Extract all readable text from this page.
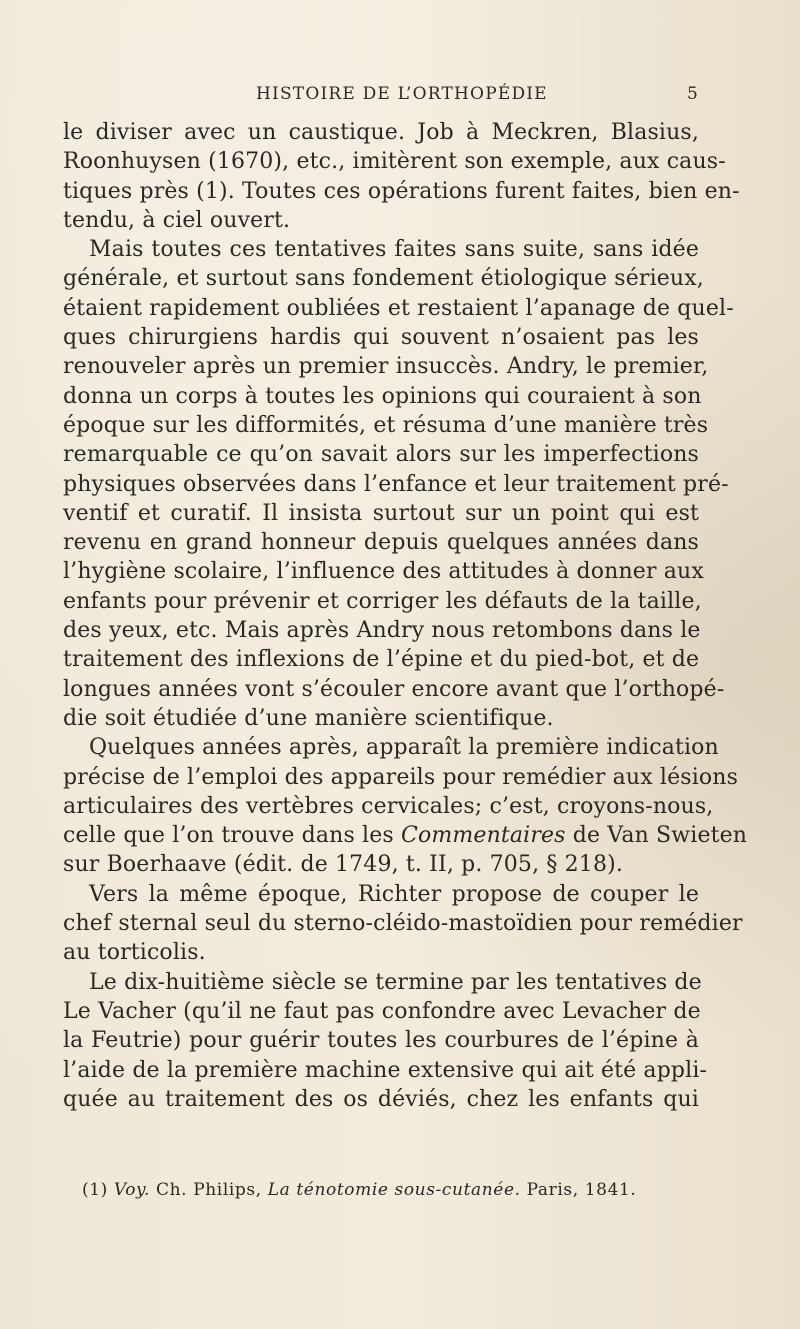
HISTOIRE DE L’ORTHOPÉDIE	5
le diviser avec un caustique. Job à Meckren, Blasius,
Roonhuysen (1670), etc., imitèrent son exemple, aux caus-
tiques près (1). Toutes ces opérations furent faites, bien en-
tendu, à ciel ouvert.
Mais toutes ces tentatives faites sans suite, sans idée
générale, et surtout sans fondement étiologique sérieux,
étaient rapidement oubliées et restaient l’apanage de quel-
ques chirurgiens hardis qui souvent n’osaient pas les
renouveler après un premier insuccès. Andry, le premier,
donna un corps à toutes les opinions qui couraient à son
époque sur les difformités, et résuma d’une manière très
remarquable ce qu’on savait alors sur les imperfections
physiques observées dans l’enfance et leur traitement pré-
ventif et curatif. Il insista surtout sur un point qui est
revenu en grand honneur depuis quelques années dans
l’hygiène scolaire, l’influence des attitudes à donner aux
enfants pour prévenir et corriger les défauts de la taille,
des yeux, etc. Mais après Andry nous retombons dans le
traitement des inflexions de l’épine et du pied-bot, et de
longues années vont s’écouler encore avant que l’orthopé-
die soit étudiée d’une manière scientifique.
Quelques années après, apparaît la première indication
précise de l’emploi des appareils pour remédier aux lésions
articulaires des vertèbres cervicales; c’est, croyons-nous,
celle que l’on trouve dans les Commentaires de Van Swieten
sur Boerhaave (édit. de 1749, t. II, p. 705, § 218).
Vers la même époque, Richter propose de couper le
chef sternal seul du sterno-cléido-mastoïdien pour remédier
au torticolis.
Le dix-huitième siècle se termine par les tentatives de
Le Vacher (qu’il ne faut pas confondre avec Levacher de
la Feutrie) pour guérir toutes les courbures de l’épine à
l’aide de la première machine extensive qui ait été appli-
quée au traitement des os déviés, chez les enfants qui
(1) Voy. Ch. Philips, La ténotomie sous-cutanée. Paris, 1841.
